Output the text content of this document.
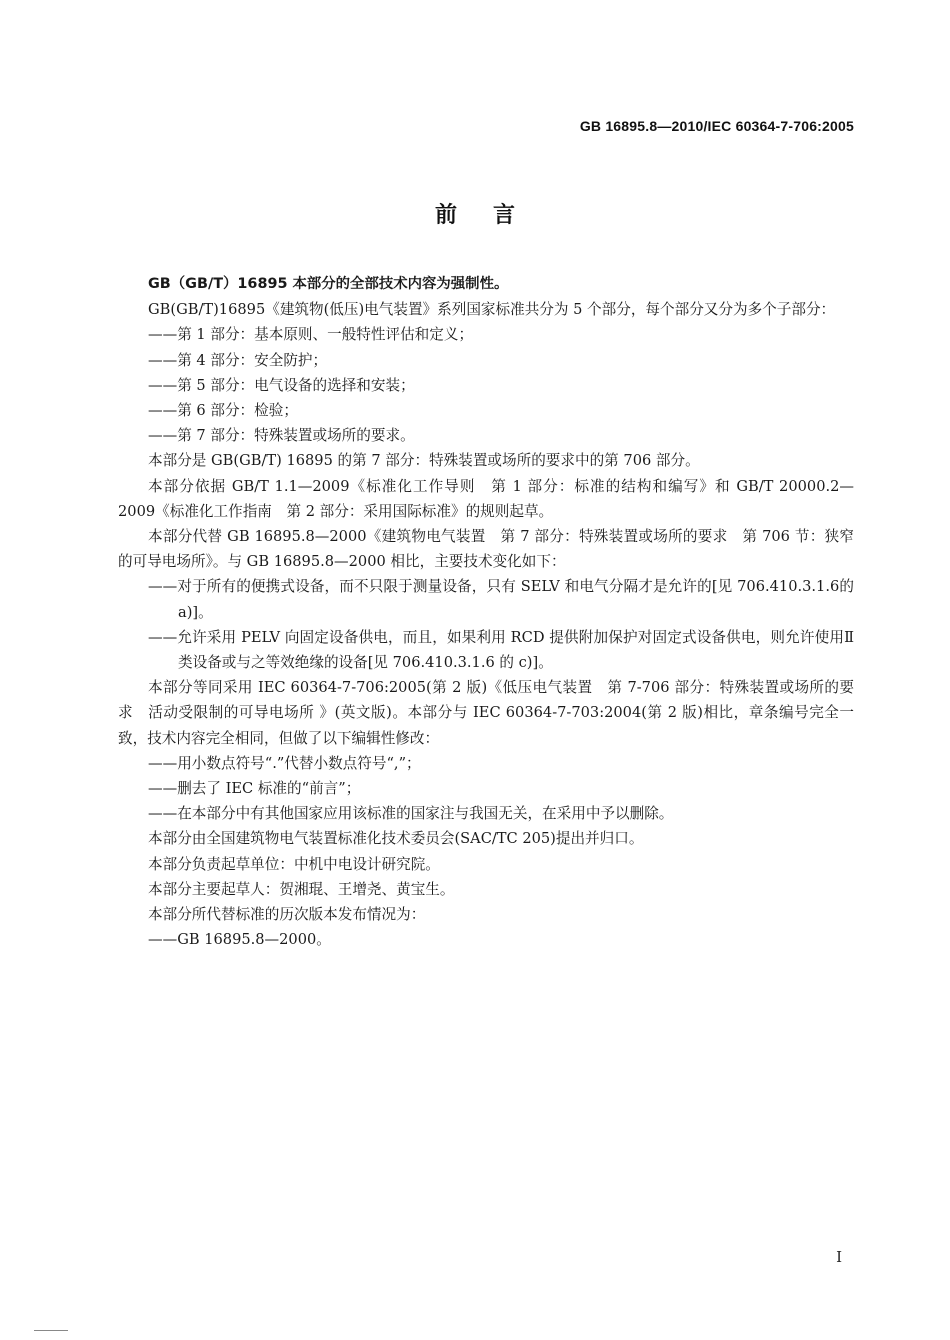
GB 16895.8—2010/IEC 60364-7-706:2005
前言

GB（GB/T）16895 本部分的全部技术内容为强制性。

GB(GB/T)16895《建筑物(低压)电气装置》系列国家标准共分为 5 个部分，每个部分又分为多个子部分：

——第 1 部分：基本原则、一般特性评估和定义；

——第 4 部分：安全防护；

——第 5 部分：电气设备的选择和安装；

——第 6 部分：检验；

——第 7 部分：特殊装置或场所的要求。

本部分是 GB(GB/T) 16895 的第 7 部分：特殊装置或场所的要求中的第 706 部分。

本部分依据 GB/T 1.1—2009《标准化工作导则　第 1 部分：标准的结构和编写》和 GB/T 20000.2—2009《标准化工作指南　第 2 部分：采用国际标准》的规则起草。

本部分代替 GB 16895.8—2000《建筑物电气装置　第 7 部分：特殊装置或场所的要求　第 706 节：狭窄的可导电场所》。与 GB 16895.8—2000 相比，主要技术变化如下：

——对于所有的便携式设备，而不只限于测量设备，只有 SELV 和电气分隔才是允许的[见 706.410.3.1.6的 a)]。

——允许采用 PELV 向固定设备供电，而且，如果利用 RCD 提供附加保护对固定式设备供电，则允许使用Ⅱ类设备或与之等效绝缘的设备[见 706.410.3.1.6 的 c)]。

本部分等同采用 IEC 60364-7-706:2005(第 2 版)《低压电气装置　第 7-706 部分：特殊装置或场所的要求　活动受限制的可导电场所 》(英文版)。本部分与 IEC 60364-7-703:2004(第 2 版)相比，章条编号完全一致，技术内容完全相同，但做了以下编辑性修改：

——用小数点符号“.”代替小数点符号“,”；

——删去了 IEC 标准的“前言”；

——在本部分中有其他国家应用该标准的国家注与我国无关，在采用中予以删除。

本部分由全国建筑物电气装置标准化技术委员会(SAC/TC 205)提出并归口。

本部分负责起草单位：中机中电设计研究院。

本部分主要起草人：贺湘琨、王增尧、黄宝生。

本部分所代替标准的历次版本发布情况为：

——GB 16895.8—2000。

I
